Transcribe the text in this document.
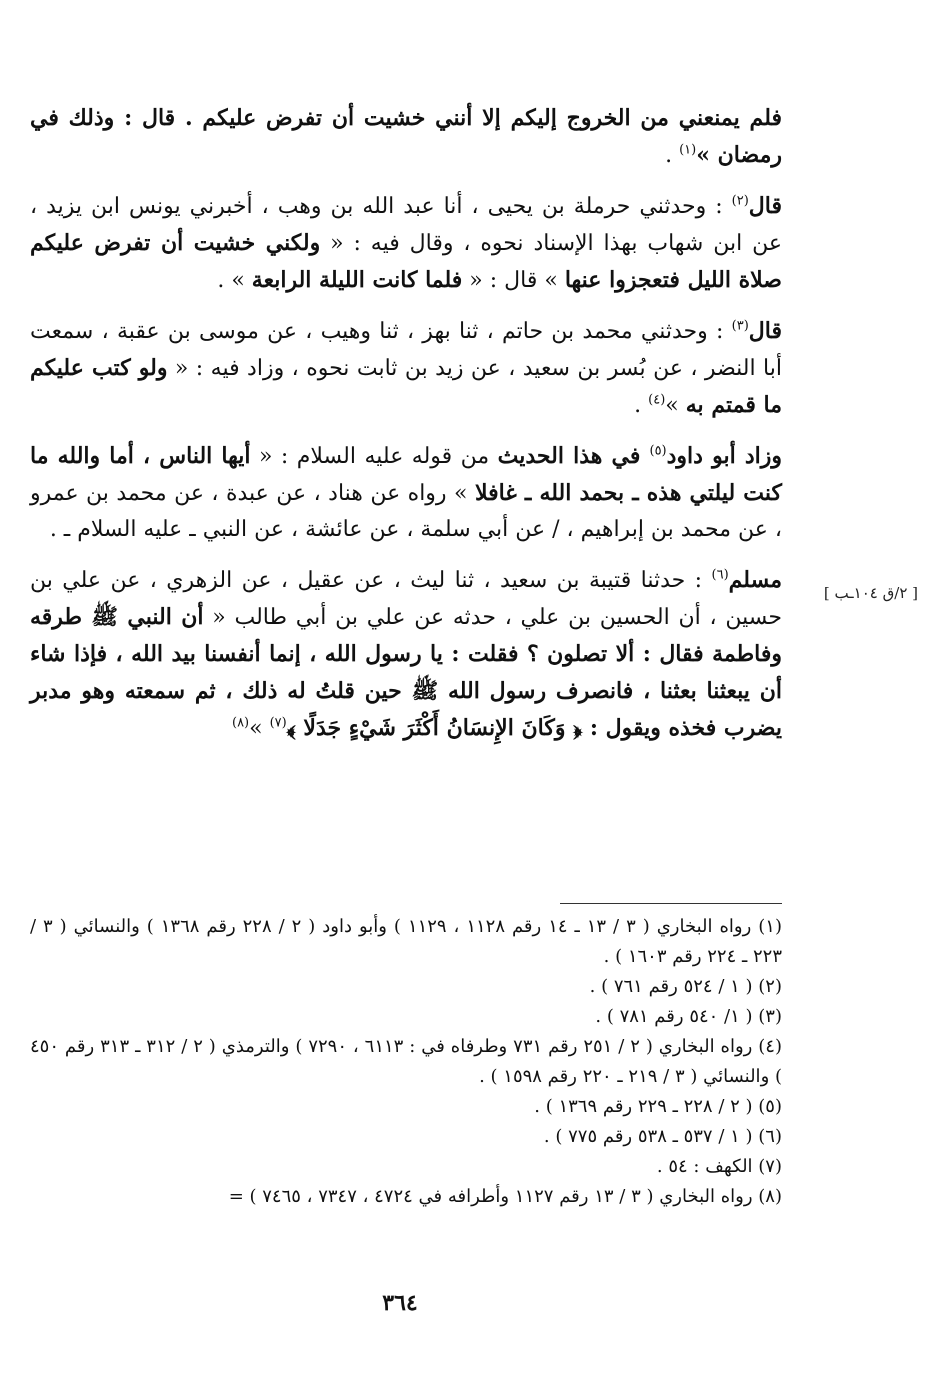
فلم يمنعني من الخروج إليكم إلا أنني خشيت أن تفرض عليكم . قال : وذلك في رمضان »$^{(١)}$ .

قال$^{(٢)}$ : وحدثني حرملة بن يحيى ، أنا عبد الله بن وهب ، أخبرني يونس ابن يزيد ، عن ابن شهاب بهذا الإسناد نحوه ، وقال فيه : « ولكني خشيت أن تفرض عليكم صلاة الليل فتعجزوا عنها » قال : « فلما كانت الليلة الرابعة » .

قال$^{(٣)}$ : وحدثني محمد بن حاتم ، ثنا بهز ، ثنا وهيب ، عن موسى بن عقبة ، سمعت أبا النضر ، عن بُسر بن سعيد ، عن زيد بن ثابت نحوه ، وزاد فيه : « ولو كتب عليكم ما قمتم به »$^{(٤)}$ .

وزاد أبو داود$^{(٥)}$ في هذا الحديث من قوله عليه السلام : « أيها الناس ، أما والله ما كنت ليلتي هذه ـ بحمد الله ـ غافلا » رواه عن هناد ، عن عبدة ، عن محمد بن عمرو ، عن محمد بن إبراهيم ، / عن أبي سلمة ، عن عائشة ، عن النبي ـ عليه السلام ـ .

مسلم$^{(٦)}$ : حدثنا قتيبة بن سعيد ، ثنا ليث ، عن عقيل ، عن الزهري ، عن علي بن حسين ، أن الحسين بن علي ، حدثه عن علي بن أبي طالب « أن النبي ﷺ طرقه وفاطمة فقال : ألا تصلون ؟ فقلت : يا رسول الله ، إنما أنفسنا بيد الله ، فإذا شاء أن يبعثنا بعثنا ، فانصرف رسول الله ﷺ حين قلتُ له ذلك ، ثم سمعته وهو مدبر يضرب فخذه ويقول : ﴿ وَكَانَ الإِنسَانُ أَكْثَرَ شَيْءٍ جَدَلًا ﴾$^{(٧)}$ »$^{(٨)}$

[ ٢/ق ١٠٤ـب ]

(١) رواه البخاري ( ٣ / ١٣ ـ ١٤ رقم ١١٢٨ ، ١١٢٩ ) وأبو داود ( ٢ / ٢٢٨ رقم ١٣٦٨ ) والنسائي ( ٣ / ٢٢٣ ـ ٢٢٤ رقم ١٦٠٣ ) .

(٢) ( ١ / ٥٢٤ رقم ٧٦١ ) .

(٣) ( ١/ ٥٤٠ رقم ٧٨١ ) .

(٤) رواه البخاري ( ٢ / ٢٥١ رقم ٧٣١ وطرفاه في : ٦١١٣ ، ٧٢٩٠ ) والترمذي ( ٢ / ٣١٢ ـ ٣١٣ رقم ٤٥٠ ) والنسائي ( ٣ / ٢١٩ ـ ٢٢٠ رقم ١٥٩٨ ) .

(٥) ( ٢ / ٢٢٨ ـ ٢٢٩ رقم ١٣٦٩ ) .

(٦) ( ١ / ٥٣٧ ـ ٥٣٨ رقم ٧٧٥ ) .

(٧) الكهف : ٥٤ .

(٨) رواه البخاري ( ٣ / ١٣ رقم ١١٢٧ وأطرافه في ٤٧٢٤ ، ٧٣٤٧ ، ٧٤٦٥ ) =

٣٦٤
